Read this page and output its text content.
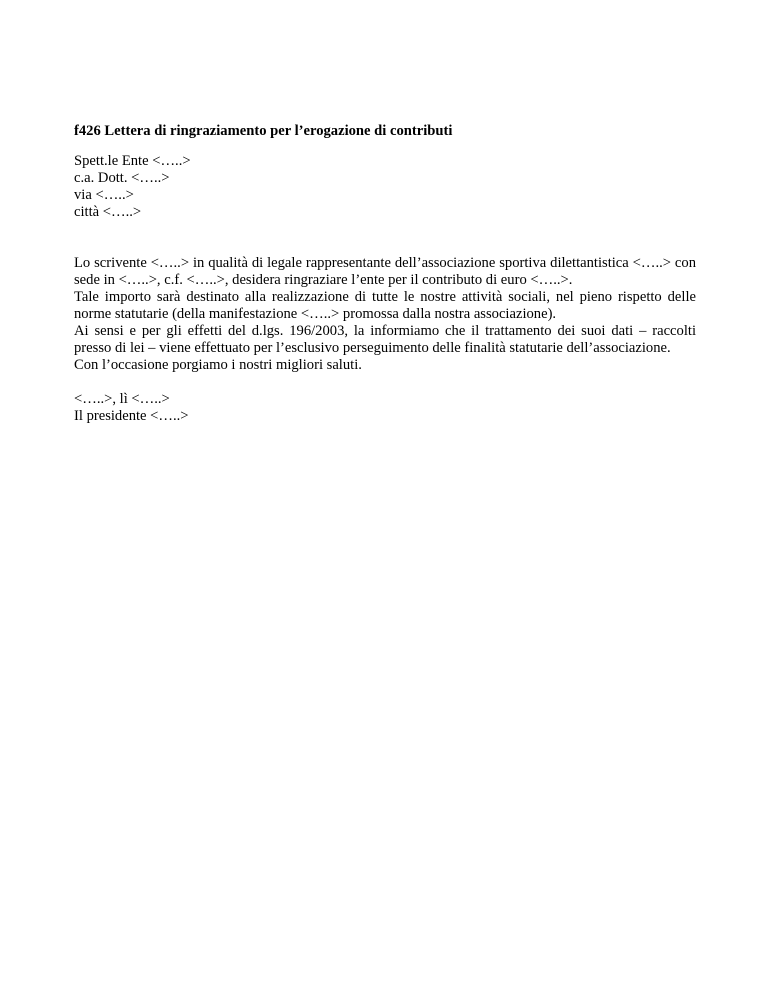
f426 Lettera di ringraziamento per l’erogazione di contributi

Spett.le Ente <…..>
c.a. Dott. <…..>
via <…..>
città <…..>

Lo scrivente <…..> in qualità di legale rappresentante dell’associazione sportiva dilettantistica <…..> con sede in <…..>, c.f. <…..>, desidera ringraziare l’ente per il contributo di euro <…..>.

Tale importo sarà destinato alla realizzazione di tutte le nostre attività sociali, nel pieno rispetto delle norme statutarie (della manifestazione <…..> promossa dalla nostra associazione).

Ai sensi e per gli effetti del d.lgs. 196/2003, la informiamo che il trattamento dei suoi dati – raccolti presso di lei – viene effettuato per l’esclusivo perseguimento delle finalità statutarie dell’associazione.

Con l’occasione porgiamo i nostri migliori saluti.

<…..>, lì <…..>
Il presidente <…..>
